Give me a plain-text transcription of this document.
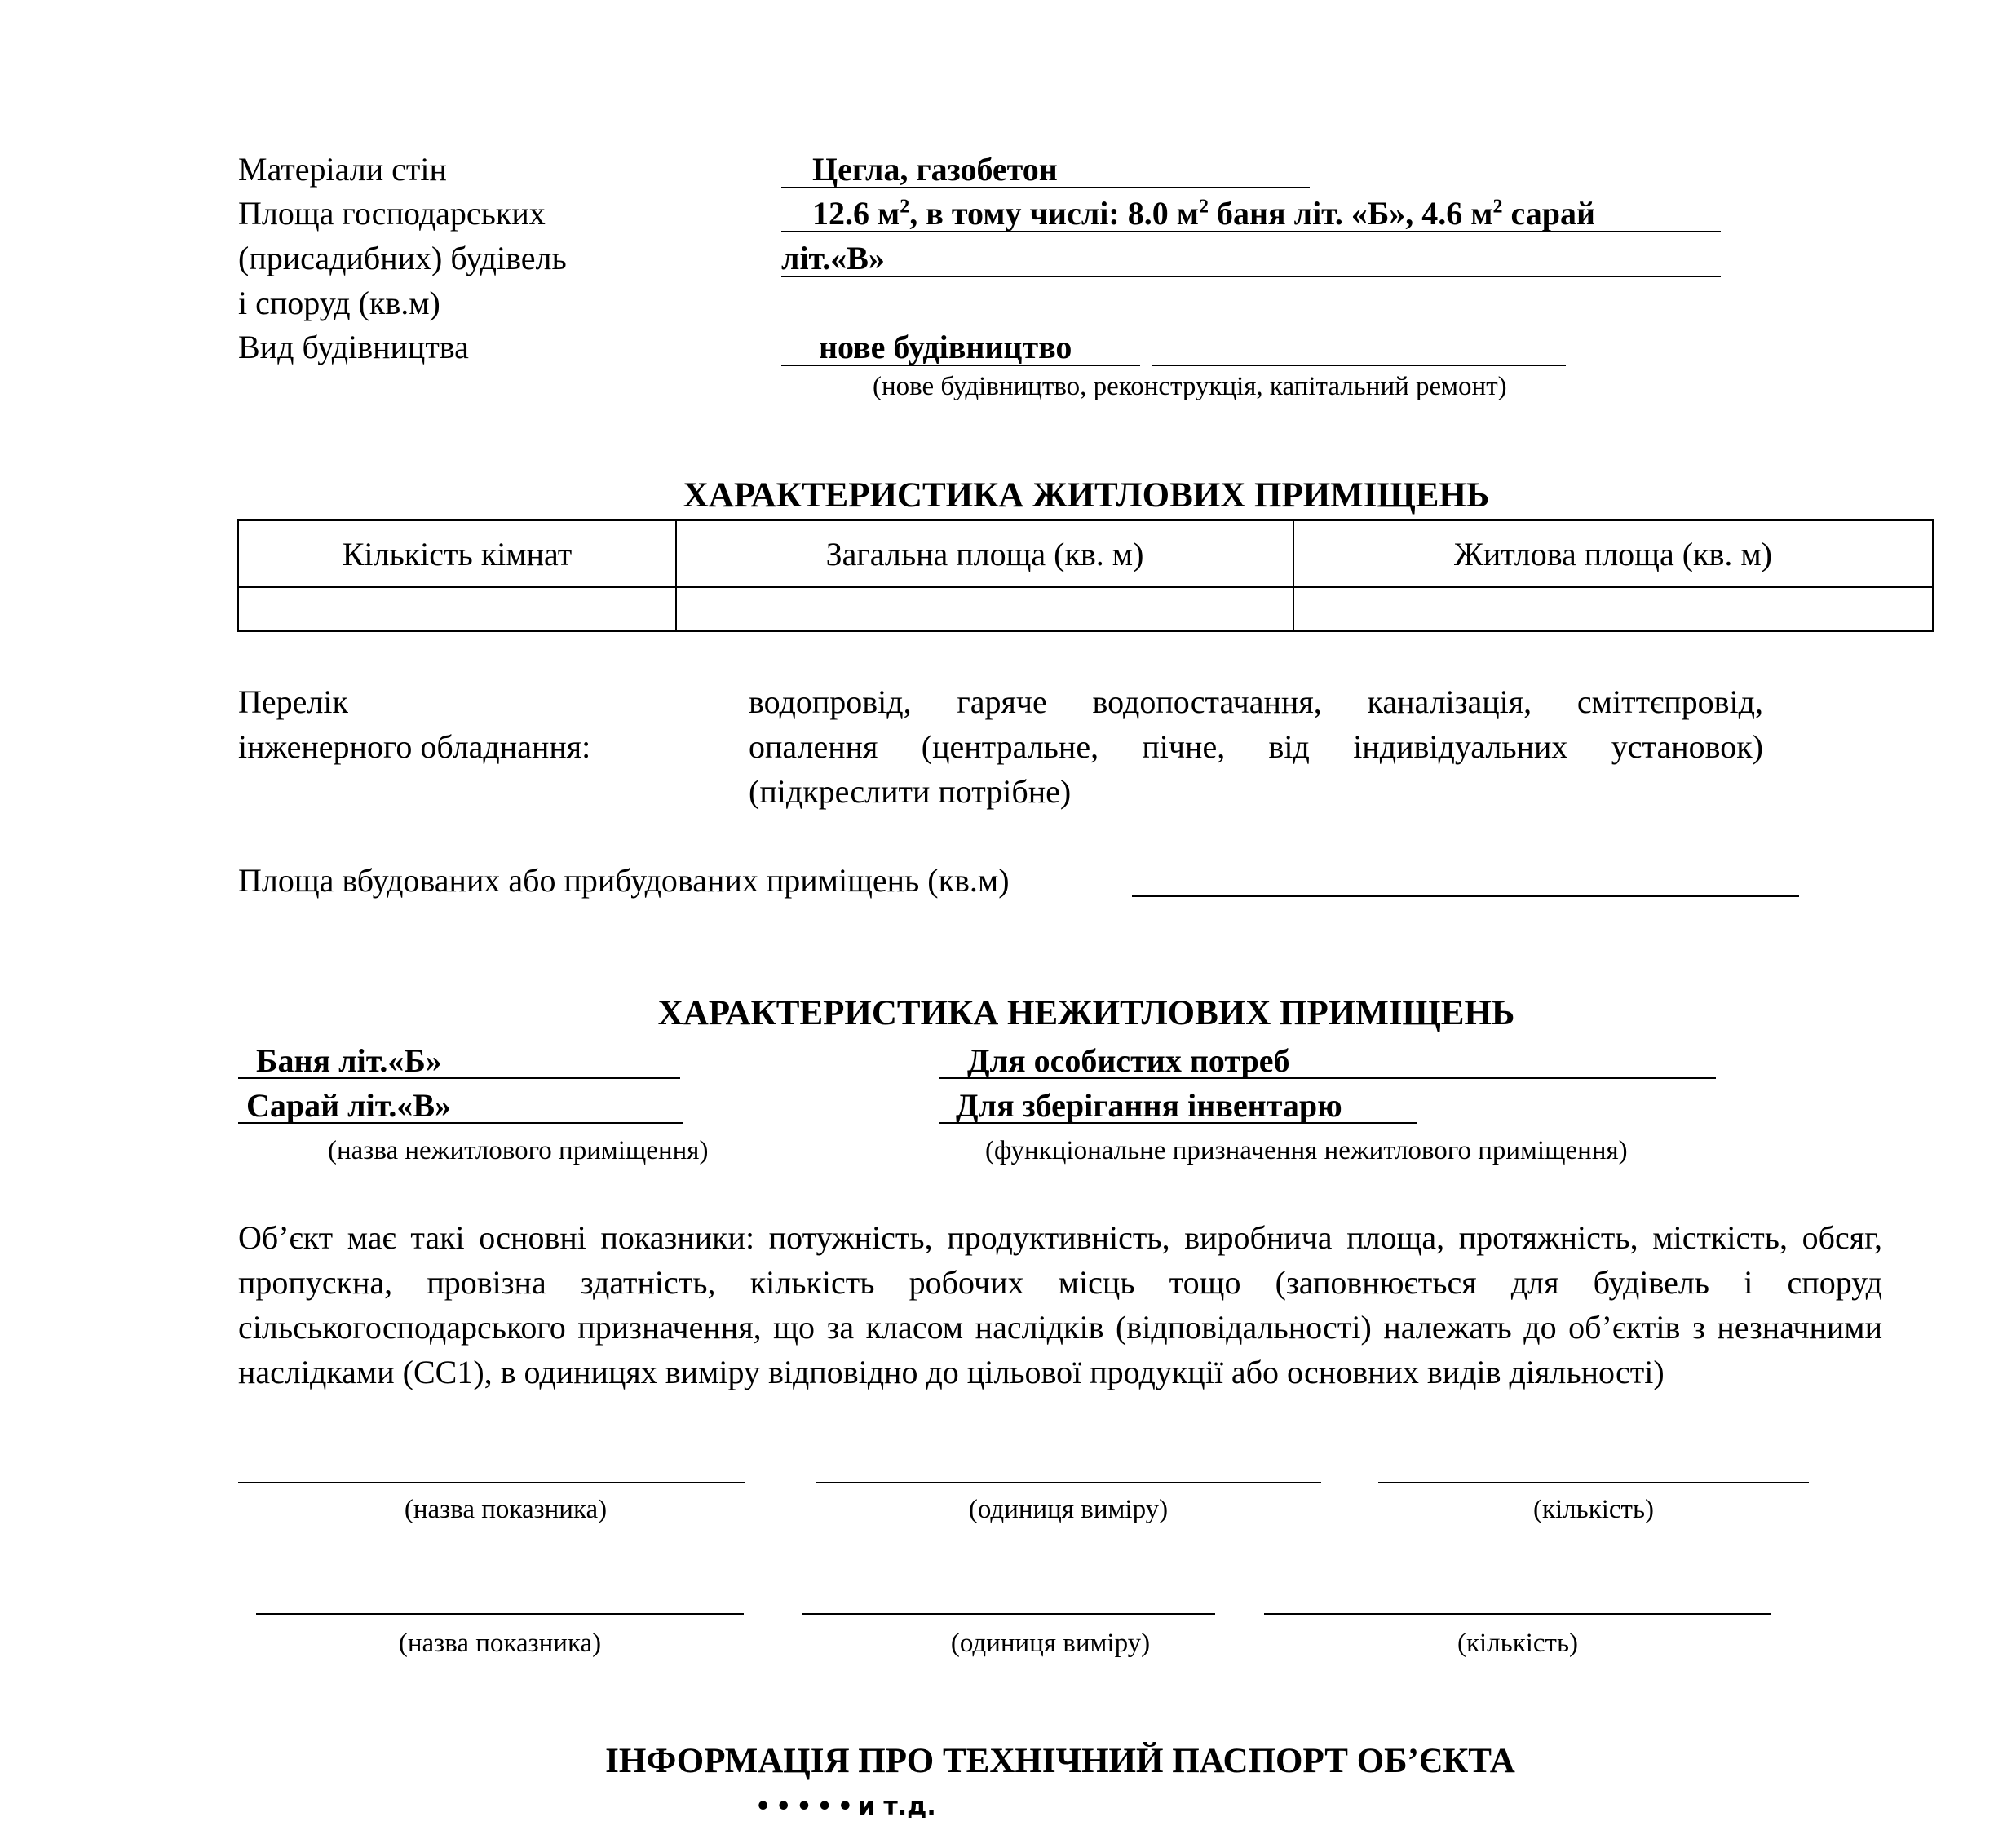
Матеріали стін	Цегла, газобетон
Площа господарських
(присадибних) будівель
і споруд (кв.м)
12.6 $м^2$, в тому числі: 8.0 $м^2$ баня літ. «Б», 4.6 $м^2$ сарай
літ.«В»
Вид будівництва	нове будівництво
(нове будівництво, реконструкція, капітальний ремонт)
ХАРАКТЕРИСТИКА ЖИТЛОВИХ ПРИМІЩЕНЬ
Кількість кімнат	Загальна площа (кв. м)	Житлова площа (кв. м)

Перелік
інженерного обладнання:
водопровід, гаряче водопостачання, каналізація, сміттєпровід,
опалення (центральне, пічне, від індивідуальних установок)
(підкреслити потрібне)
Площа вбудованих або прибудованих приміщень (кв.м)
ХАРАКТЕРИСТИКА НЕЖИТЛОВИХ ПРИМІЩЕНЬ
Баня літ.«Б»	Для особистих потреб
Сарай літ.«В»	Для зберігання інвентарю
(назва нежитлового приміщення)	(функціональне призначення нежитлового приміщення)
Об’єкт має такі основні показники: потужність, продуктивність, виробнича площа, протяжність, місткість, обсяг, пропускна, провізна здатність, кількість робочих місць тощо (заповнюється для будівель і споруд сільськогосподарського призначення, що за класом наслідків (відповідальності) належать до об’єктів з незначними наслідками (СС1), в одиницях виміру відповідно до цільової продукції або основних видів діяльності)
(назва показника)	(одиниця виміру)	(кількість)
(назва показника)	(одиниця виміру)	(кількість)
ІНФОРМАЦІЯ ПРО ТЕХНІЧНИЙ ПАСПОРТ ОБ’ЄКТА
•••••и т.д.
